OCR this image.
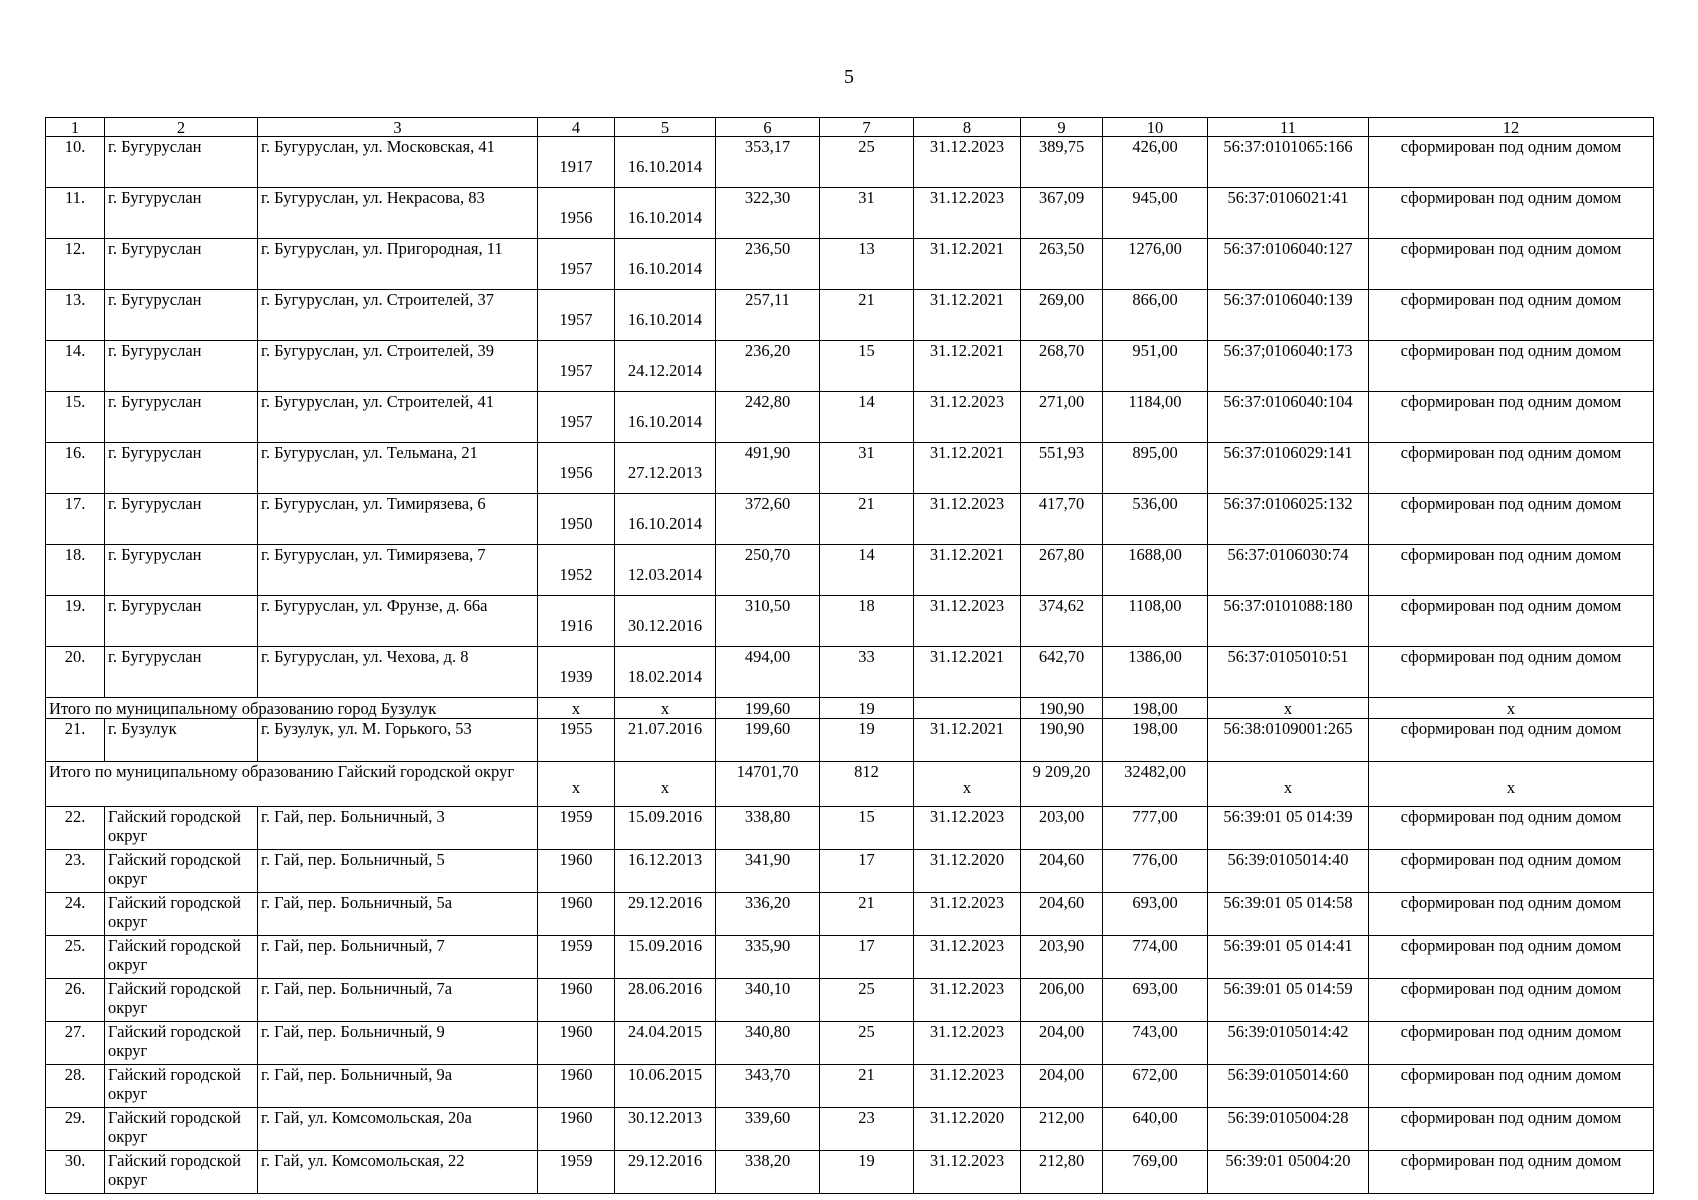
5
1	2	3	4	5	6	7	8	9	10	11	12
10.	г. Бугуруслан	г. Бугуруслан, ул. Московская, 41	1917	16.10.2014	353,17	25	31.12.2023	389,75	426,00	56:37:0101065:166	сформирован под одним домом
11.	г. Бугуруслан	г. Бугуруслан, ул. Некрасова, 83	1956	16.10.2014	322,30	31	31.12.2023	367,09	945,00	56:37:0106021:41	сформирован под одним домом
12.	г. Бугуруслан	г. Бугуруслан, ул. Пригородная, 11	1957	16.10.2014	236,50	13	31.12.2021	263,50	1276,00	56:37:0106040:127	сформирован под одним домом
13.	г. Бугуруслан	г. Бугуруслан, ул. Строителей, 37	1957	16.10.2014	257,11	21	31.12.2021	269,00	866,00	56:37:0106040:139	сформирован под одним домом
14.	г. Бугуруслан	г. Бугуруслан, ул. Строителей, 39	1957	24.12.2014	236,20	15	31.12.2021	268,70	951,00	56:37;0106040:173	сформирован под одним домом
15.	г. Бугуруслан	г. Бугуруслан, ул. Строителей, 41	1957	16.10.2014	242,80	14	31.12.2023	271,00	1184,00	56:37:0106040:104	сформирован под одним домом
16.	г. Бугуруслан	г. Бугуруслан, ул. Тельмана, 21	1956	27.12.2013	491,90	31	31.12.2021	551,93	895,00	56:37:0106029:141	сформирован под одним домом
17.	г. Бугуруслан	г. Бугуруслан, ул. Тимирязева, 6	1950	16.10.2014	372,60	21	31.12.2023	417,70	536,00	56:37:0106025:132	сформирован под одним домом
18.	г. Бугуруслан	г. Бугуруслан, ул. Тимирязева, 7	1952	12.03.2014	250,70	14	31.12.2021	267,80	1688,00	56:37:0106030:74	сформирован под одним домом
19.	г. Бугуруслан	г. Бугуруслан, ул. Фрунзе, д. 66а	1916	30.12.2016	310,50	18	31.12.2023	374,62	1108,00	56:37:0101088:180	сформирован под одним домом
20.	г. Бугуруслан	г. Бугуруслан, ул. Чехова, д. 8	1939	18.02.2014	494,00	33	31.12.2021	642,70	1386,00	56:37:0105010:51	сформирован под одним домом
Итого по муниципальному образованию город Бузулук			х	х	199,60	19		190,90	198,00	х	х
21.	г. Бузулук	г. Бузулук, ул. М. Горького, 53	1955	21.07.2016	199,60	19	31.12.2021	190,90	198,00	56:38:0109001:265	сформирован под одним домом
Итого по муниципальному образованию Гайский городской округ			х	х	14701,70	812	х	9 209,20	32482,00	х	х
22.	Гайский городской округ	г. Гай, пер. Больничный, 3	1959	15.09.2016	338,80	15	31.12.2023	203,00	777,00	56:39:01 05 014:39	сформирован под одним домом
23.	Гайский городской округ	г. Гай, пер. Больничный, 5	1960	16.12.2013	341,90	17	31.12.2020	204,60	776,00	56:39:0105014:40	сформирован под одним домом
24.	Гайский городской округ	г. Гай, пер. Больничный, 5а	1960	29.12.2016	336,20	21	31.12.2023	204,60	693,00	56:39:01 05 014:58	сформирован под одним домом
25.	Гайский городской округ	г. Гай, пер. Больничный, 7	1959	15.09.2016	335,90	17	31.12.2023	203,90	774,00	56:39:01 05 014:41	сформирован под одним домом
26.	Гайский городской округ	г. Гай, пер. Больничный, 7а	1960	28.06.2016	340,10	25	31.12.2023	206,00	693,00	56:39:01 05 014:59	сформирован под одним домом
27.	Гайский городской округ	г. Гай, пер. Больничный, 9	1960	24.04.2015	340,80	25	31.12.2023	204,00	743,00	56:39:0105014:42	сформирован под одним домом
28.	Гайский городской округ	г. Гай, пер. Больничный, 9а	1960	10.06.2015	343,70	21	31.12.2023	204,00	672,00	56:39:0105014:60	сформирован под одним домом
29.	Гайский городской округ	г. Гай, ул. Комсомольская, 20а	1960	30.12.2013	339,60	23	31.12.2020	212,00	640,00	56:39:0105004:28	сформирован под одним домом
30.	Гайский городской округ	г. Гай, ул. Комсомольская, 22	1959	29.12.2016	338,20	19	31.12.2023	212,80	769,00	56:39:01 05004:20	сформирован под одним домом
